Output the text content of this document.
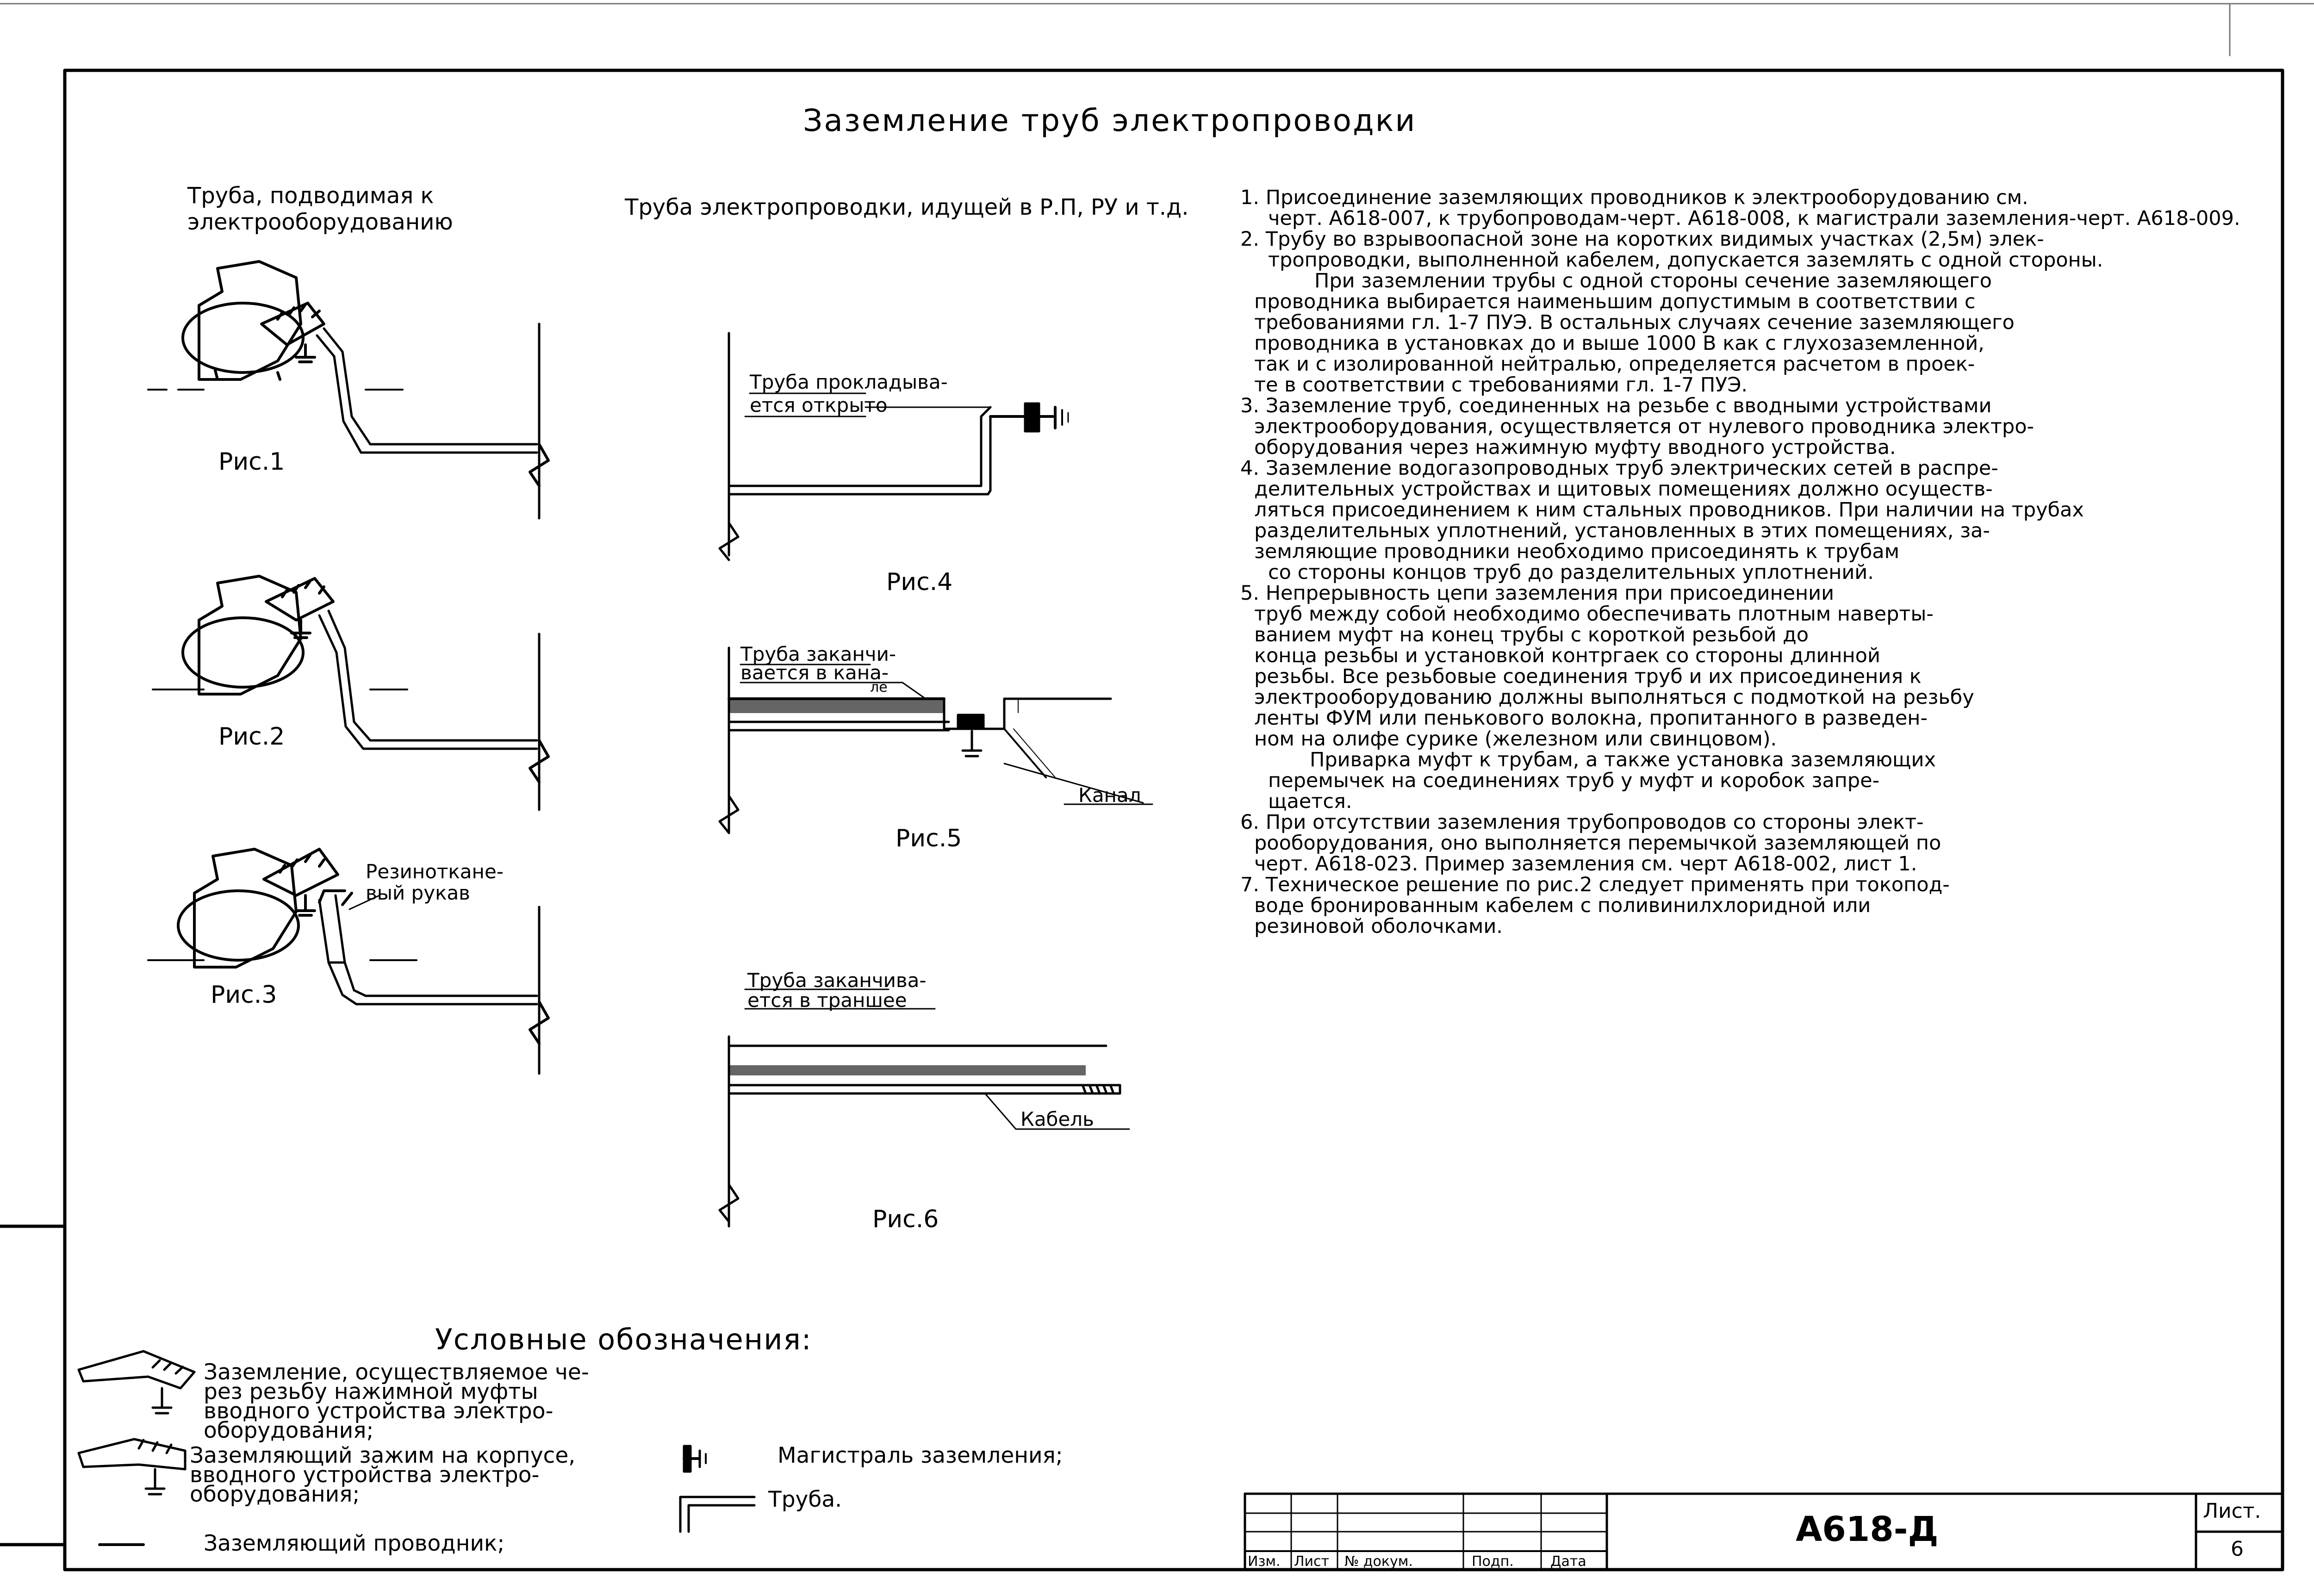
Заземление труб электропроводки
Труба, подводимая к
электрооборудованию
Труба электропроводки, идущей в Р.П, РУ и т.д.
Рис.1
Рис.2
Рис.3
Рис.4
Рис.5
Рис.6
Резинотканe-
вый рукав
Труба прокладыва-
ется открыто
Труба заканчи-
вается в кана-
ле
Канал
Труба заканчива-
ется в траншее
Кабель
1. Присоединение заземляющих проводников к электрооборудованию см.
черт. А618-007, к трубопроводам-черт. А618-008, к магистрали заземления-черт. А618-009.
2. Трубу во взрывоопасной зоне на коротких видимых участках (2,5м) элек-
тропроводки, выполненной кабелем, допускается заземлять с одной стороны.
При заземлении трубы с одной стороны сечение заземляющего
проводника выбирается наименьшим допустимым в соответствии с
требованиями гл. 1-7 ПУЭ. В остальных случаях сечение заземляющего
проводника в установках до и выше 1000 В как с глухозаземленной,
так и с изолированной нейтралью, определяется расчетом в проек-
те в соответствии с требованиями гл. 1-7 ПУЭ.
3. Заземление труб, соединенных на резьбе с вводными устройствами
электрооборудования, осуществляется от нулевого проводника электро-
оборудования через нажимную муфту вводного устройства.
4. Заземление водогазопроводных труб электрических сетей в распре-
делительных устройствах и щитовых помещениях должно осуществ-
ляться присоединением к ним стальных проводников. При наличии на трубах
разделительных уплотнений, установленных в этих помещениях, за-
земляющие проводники необходимо присоединять к трубам
со стороны концов труб до разделительных уплотнений.
5. Непрерывность цепи заземления при присоединении
труб между собой необходимо обеспечивать плотным наверты-
ванием муфт на конец трубы с короткой резьбой до
конца резьбы и установкой контргаек со стороны длинной
резьбы. Все резьбовые соединения труб и их присоединения к
электрооборудованию должны выполняться с подмоткой на резьбу
ленты ФУМ или пенькового волокна, пропитанного в разведен-
ном на олифе сурике (железном или свинцовом).
Приварка муфт к трубам, а также установка заземляющих
перемычек на соединениях труб у муфт и коробок запре-
щается.
6. При отсутствии заземления трубопроводов со стороны элект-
рооборудования, оно выполняется перемычкой заземляющей по
черт. А618-023. Пример заземления см. черт А618-002, лист 1.
7. Техническое решение по рис.2 следует применять при токопод-
воде бронированным кабелем с поливинилхлоридной или
резиновой оболочками.
Условные обозначения:
Заземление, осуществляемое че-
рез резьбу нажимной муфты
вводного устройства электро-
оборудования;
Заземляющий зажим на корпусе,
вводного устройства электро-
оборудования;
Заземляющий проводник;
Магистраль заземления;
Труба.
А618-Д	Лист.
6
Изм. Лист № докум.	Подп.	Дата
